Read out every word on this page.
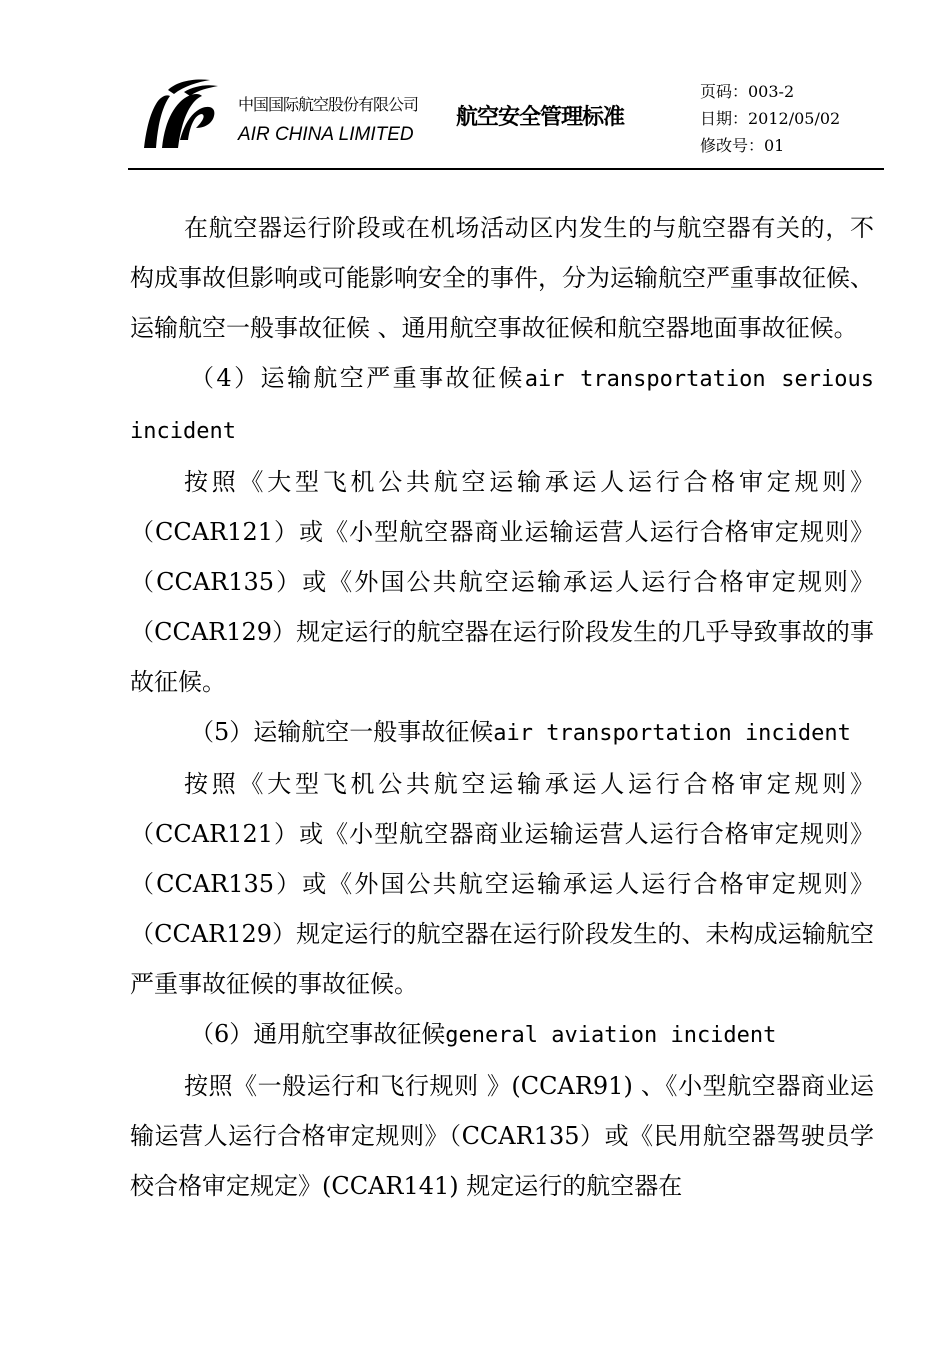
中国国际航空股份有限公司
AIR CHINA LIMITED
航空安全管理标准
页码：003-2
日期：2012/05/02
修改号：01

在航空器运行阶段或在机场活动区内发生的与航空器有关的，不构成事故但影响或可能影响安全的事件，分为运输航空严重事故征候、运输航空一般事故征候 、通用航空事故征候和航空器地面事故征候。

（4）运输航空严重事故征候air transportation serious incident

按照《大型飞机公共航空运输承运人运行合格审定规则》（CCAR121）或《小型航空器商业运输运营人运行合格审定规则》（CCAR135）或《外国公共航空运输承运人运行合格审定规则》（CCAR129）规定运行的航空器在运行阶段发生的几乎导致事故的事故征候。

（5）运输航空一般事故征候air transportation incident

按照《大型飞机公共航空运输承运人运行合格审定规则》（CCAR121）或《小型航空器商业运输运营人运行合格审定规则》（CCAR135）或《外国公共航空运输承运人运行合格审定规则》（CCAR129）规定运行的航空器在运行阶段发生的、未构成运输航空严重事故征候的事故征候。

（6）通用航空事故征候general aviation incident

按照《一般运行和飞行规则 》(CCAR91) 、《小型航空器商业运输运营人运行合格审定规则》（CCAR135）或《民用航空器驾驶员学校合格审定规定》(CCAR141) 规定运行的航空器在
